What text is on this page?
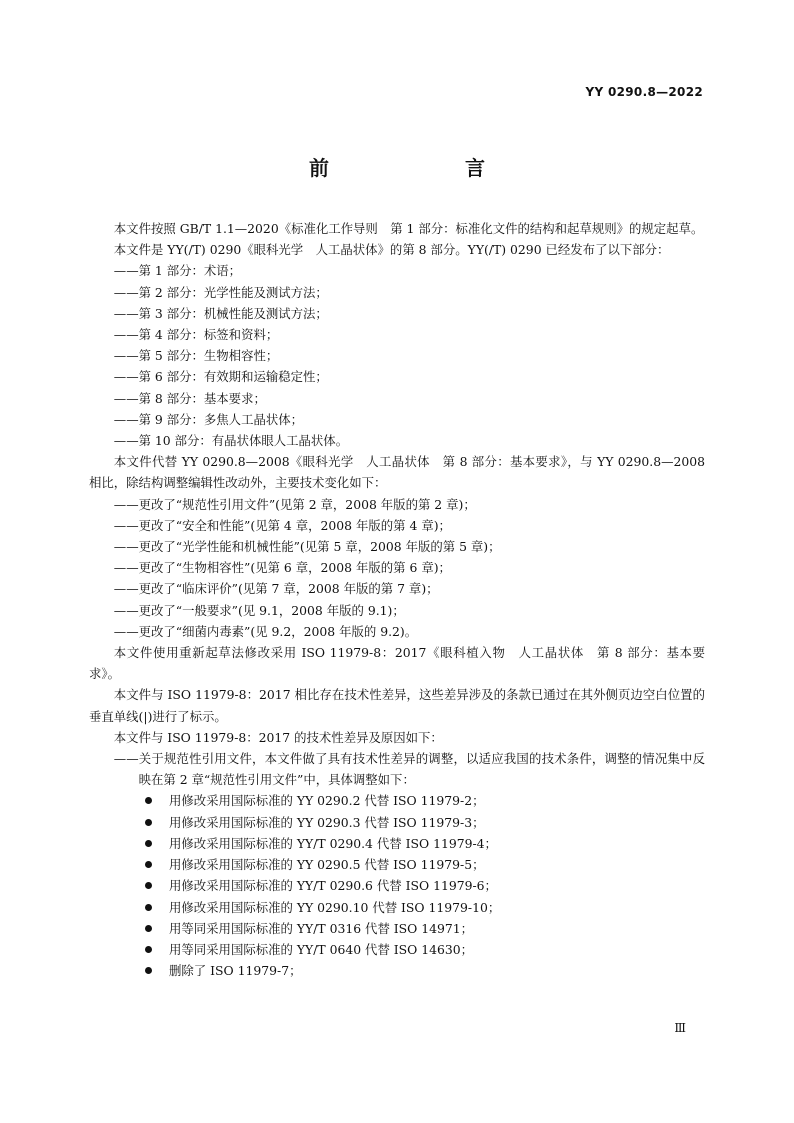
YY 0290.8—2022
前　　言

本文件按照 GB/T 1.1—2020《标准化工作导则　第 1 部分：标准化文件的结构和起草规则》的规定起草。

本文件是 YY(/T) 0290《眼科光学　人工晶状体》的第 8 部分。YY(/T) 0290 已经发布了以下部分：

——第 1 部分：术语；

——第 2 部分：光学性能及测试方法；

——第 3 部分：机械性能及测试方法；

——第 4 部分：标签和资料；

——第 5 部分：生物相容性；

——第 6 部分：有效期和运输稳定性；

——第 8 部分：基本要求；

——第 9 部分：多焦人工晶状体；

——第 10 部分：有晶状体眼人工晶状体。

本文件代替 YY 0290.8—2008《眼科光学　人工晶状体　第 8 部分：基本要求》，与 YY 0290.8—2008 相比，除结构调整编辑性改动外，主要技术变化如下：

——更改了“规范性引用文件”(见第 2 章，2008 年版的第 2 章)；

——更改了“安全和性能”(见第 4 章，2008 年版的第 4 章)；

——更改了“光学性能和机械性能”(见第 5 章，2008 年版的第 5 章)；

——更改了“生物相容性”(见第 6 章，2008 年版的第 6 章)；

——更改了“临床评价”(见第 7 章，2008 年版的第 7 章)；

——更改了“一般要求”(见 9.1，2008 年版的 9.1)；

——更改了“细菌内毒素”(见 9.2，2008 年版的 9.2)。

本文件使用重新起草法修改采用 ISO 11979-8：2017《眼科植入物　人工晶状体　第 8 部分：基本要求》。

本文件与 ISO 11979-8：2017 相比存在技术性差异，这些差异涉及的条款已通过在其外侧页边空白位置的垂直单线(|)进行了标示。

本文件与 ISO 11979-8：2017 的技术性差异及原因如下：

——关于规范性引用文件，本文件做了具有技术性差异的调整，以适应我国的技术条件，调整的情况集中反映在第 2 章“规范性引用文件”中，具体调整如下：

用修改采用国际标准的 YY 0290.2 代替 ISO 11979-2；

用修改采用国际标准的 YY 0290.3 代替 ISO 11979-3；

用修改采用国际标准的 YY/T 0290.4 代替 ISO 11979-4；

用修改采用国际标准的 YY 0290.5 代替 ISO 11979-5；

用修改采用国际标准的 YY/T 0290.6 代替 ISO 11979-6；

用修改采用国际标准的 YY 0290.10 代替 ISO 11979-10；

用等同采用国际标准的 YY/T 0316 代替 ISO 14971；

用等同采用国际标准的 YY/T 0640 代替 ISO 14630；

删除了 ISO 11979-7；

Ⅲ
